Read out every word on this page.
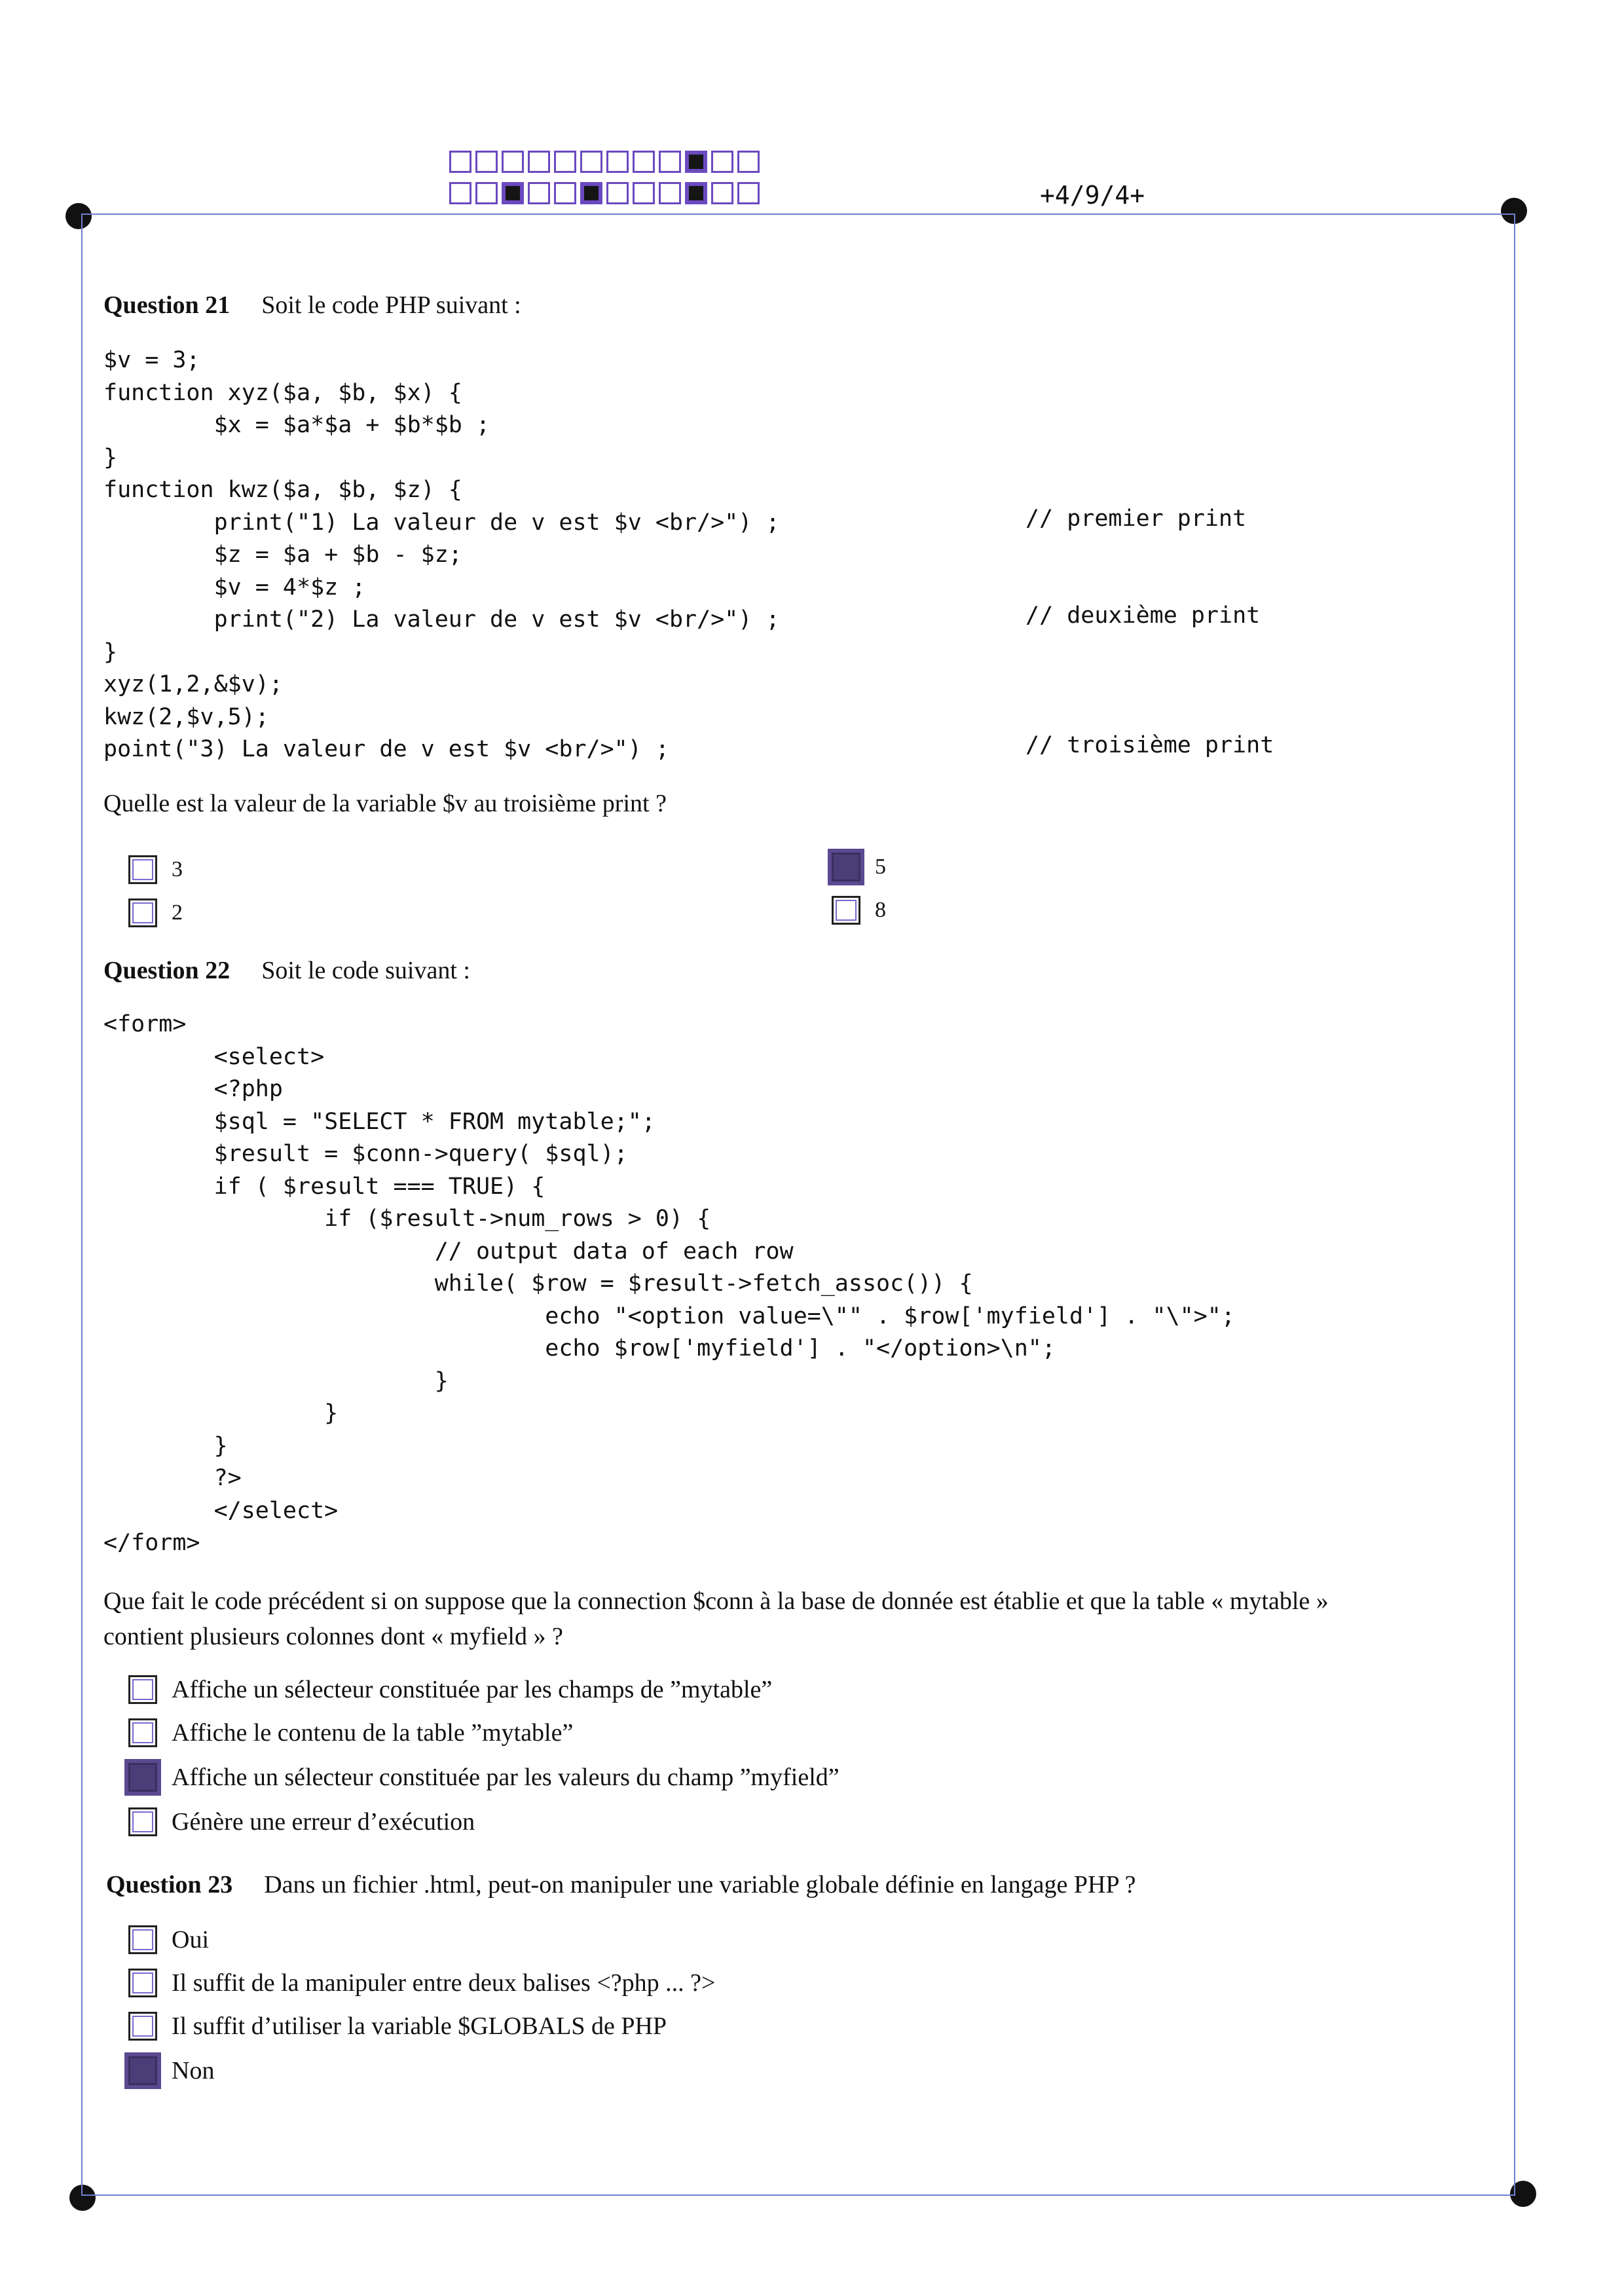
+4/9/4+
Question 21 Soit le code PHP suivant :
$v = 3;
function xyz($a, $b, $x) {
$x = $a*$a + $b*$b ;
}
function kwz($a, $b, $z) {
print("1) La valeur de v est $v <br/>") ;
$z = $a + $b - $z;
$v = 4*$z ;
print("2) La valeur de v est $v <br/>") ;
}
xyz(1,2,&$v);
kwz(2,$v,5);
point("3) La valeur de v est $v <br/>") ;
// premier print
// deuxième print
// troisième print
Quelle est la valeur de la variable $v au troisième print ?
3
2
5
8
Question 22 Soit le code suivant :
<form>
<select>
<?php
$sql = "SELECT * FROM mytable;";
$result = $conn->query( $sql);
if ( $result === TRUE) {
if ($result->num_rows > 0) {
// output data of each row
while( $row = $result->fetch_assoc()) {
echo "<option value=\"" . $row['myfield'] . "\">";
echo $row['myfield'] . "</option>\n";
}
}
}
?>
</select>
</form>
Que fait le code précédent si on suppose que la connection $conn à la base de donnée est établie et que la table « mytable »
contient plusieurs colonnes dont « myfield » ?
Affiche un sélecteur constituée par les champs de ”mytable”
Affiche le contenu de la table ”mytable”
Affiche un sélecteur constituée par les valeurs du champ ”myfield”
Génère une erreur d’exécution
Question 23 Dans un fichier .html, peut-on manipuler une variable globale définie en langage PHP ?
Oui
Il suffit de la manipuler entre deux balises <?php ... ?>
Il suffit d’utiliser la variable $GLOBALS de PHP
Non
